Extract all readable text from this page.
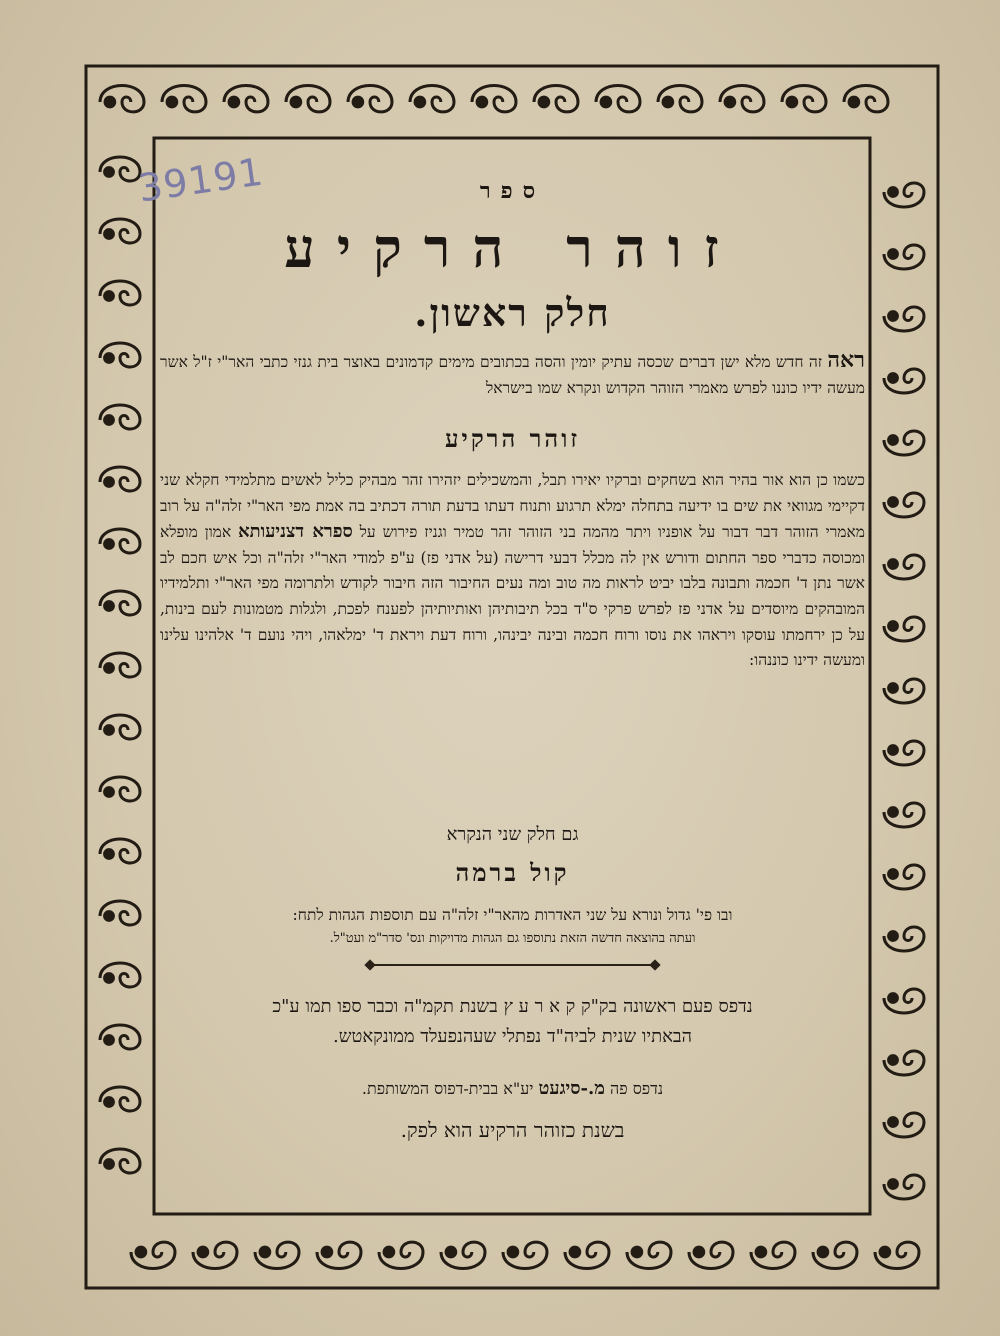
39191	ספר
זוהר הרקיע
חלק ראשון.
ראה זה חדש מלא ישן דברים שכסה עתיק יומין והסה בכתובים מימים קדמונים באוצר בית גנזי כתבי האר"י ז"ל אשר מעשה ידיו כוננו לפרש מאמרי הזוהר הקדוש ונקרא שמו בישראל
זוהר הרקיע
כשמו כן הוא אור בהיר הוא בשחקים וברקיו יאירו תבל, והמשכילים יזהירו זהר מבהיק כליל לאשים מתלמידי חקלא שני דקיימי מגוואי את שים בו ידיעה בתחלה ימלא תרגוע ותנוח דעתו בדעת תורה דכתיב בה אמת מפי האר"י זלה"ה על רוב מאמרי הזוהר דבר דבור על אופניו ויתר מהמה בני הזוהר זהר טמיר וגניז פירוש על ספרא דצניעותא אמון מופלא ומכוסה כדברי ספר החתום ודורש אין לה מכלל דבעי דרישה (על אדני פז) ע"פ למודי האר"י זלה"ה וכל איש חכם לב אשר נתן ד' חכמה ותבונה בלבו יביט לראות מה טוב ומה נעים החיבור הזה חיבור לקודש ולתרומה מפי האר"י ותלמידיו המובהקים מיוסדים על אדני פז לפרש פרקי ס"ד בכל תיבותיהן ואותיותיהן לפענח לפכת, ולגלות מטמונות לעם בינות, על כן ירחמתו עוסקו ויראהו את נוסו ורוח חכמה ובינה יבינהו, ורוח דעת ויראת ד' ימלאהו, ויהי נועם ד' אלהינו עלינו ומעשה ידינו כוננהו:
גם חלק שני הנקרא
קול ברמה
ובו פי' גדול ונורא על שני האדרות מהאר"י זלה"ה עם תוספות הגהות לתח:
ועתה בהוצאה חדשה הזאת נתוספו גם הגהות מדויקות ונס' סדר"מ ועט"ל.
נדפס פעם ראשונה בק"ק ק א ר ע ץ בשנת תקמ"ה וכבר ספו תמו ע"כ
הבאתיו שנית לביה"ד נפתלי שעהנפעלד ממונקאטש.
נדפס פה מ.-סיגעט יע"א בבית-דפוס המשותפת.
בשנת כזוהר הרקיע הוא לפק.
